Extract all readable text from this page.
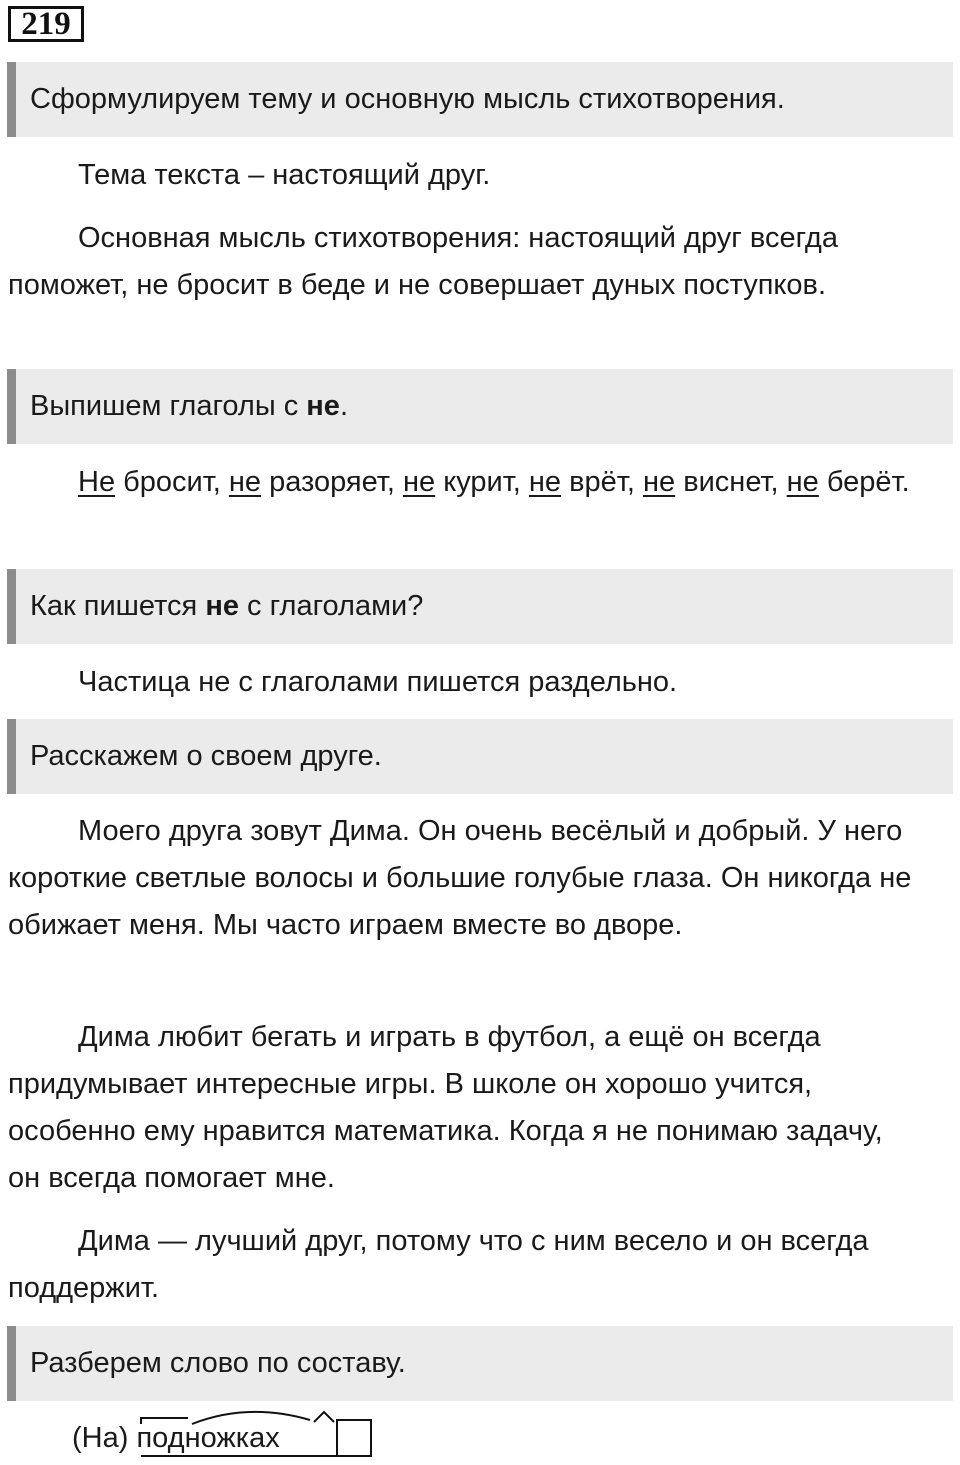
219
Сформулируем тему и основную мысль стихотворения.
Тема текста – настоящий друг.
Основная мысль стихотворения: настоящий друг всегда поможет, не бросит в беде и не совершает дуных поступков.
Выпишем глаголы с не.
Не бросит, не разоряет, не курит, не врёт, не виснет, не берёт.
Как пишется не с глаголами?
Частица не с глаголами пишется раздельно.
Расскажем о своем друге.
Моего друга зовут Дима. Он очень весёлый и добрый. У него короткие светлые волосы и большие голубые глаза. Он никогда не обижает меня. Мы часто играем вместе во дворе.
Дима любит бегать и играть в футбол, а ещё он всегда придумывает интересные игры. В школе он хорошо учится, особенно ему нравится математика. Когда я не понимаю задачу, он всегда помогает мне.
Дима — лучший друг, потому что с ним весело и он всегда поддержит.
Разберем слово по составу.
(На) подножках
